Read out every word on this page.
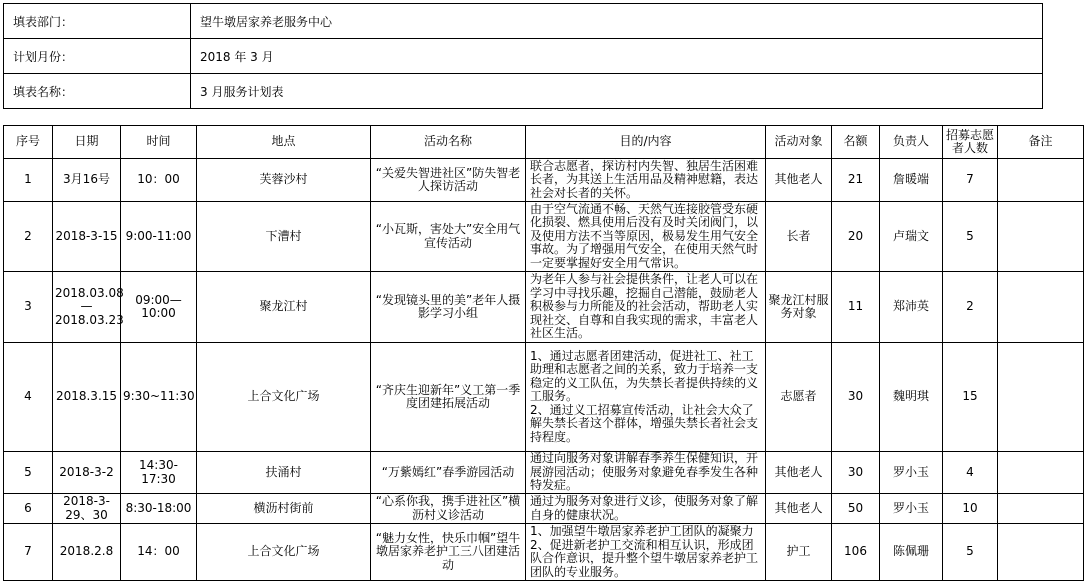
填表部门：	望牛墩居家养老服务中心
计划月份：	2018 年 3 月
填表名称：	3 月服务计划表
序号	日期	时间	地点	活动名称	目的/内容	活动对象	名额	负责人	招募志愿者人数	备注
1	3月16号	10：00	芙蓉沙村	“关爱失智进社区”防失智老人探访活动	联合志愿者，探访村内失智、独居生活困难长者，为其送上生活用品及精神慰籍，表达社会对长者的关怀。	其他老人	21	詹暖端	7	
2	2018-3-15	9:00-11:00	下漕村	“小瓦斯，害处大”安全用气宣传活动	由于空气流通不畅、天然气连接胶管受东硬化损裂、燃具使用后没有及时关闭阀门，以及使用方法不当等原因，极易发生用气安全事故。为了增强用气安全，在使用天然气时一定要掌握好安全用气常识。	长者	20	卢瑞文	5	
3	2018.03.08—2018.03.23	09:00—10:00	聚龙江村	“发现镜头里的美”老年人摄影学习小组	为老年人参与社会提供条件，让老人可以在学习中寻找乐趣，挖掘自己潜能，鼓励老人积极参与力所能及的社会活动，帮助老人实现社交、自尊和自我实现的需求，丰富老人社区生活。	聚龙江村服务对象	11	郑沛英	2	
4	2018.3.15	9:30~11:30	上合文化广场	“齐庆生迎新年”义工第一季度团建拓展活动	1、通过志愿者团建活动，促进社工、社工助理和志愿者之间的关系，致力于培养一支稳定的义工队伍，为失禁长者提供持续的义工服务。
2、通过义工招募宣传活动，让社会大众了解失禁长者这个群体，增强失禁长者社会支持程度。	志愿者	30	魏明琪	15	
5	2018-3-2	14:30-17:30	扶涌村	“万紫嫣红”春季游园活动	通过向服务对象讲解春季养生保健知识，开展游园活动；使服务对象避免春季发生各种特发症。	其他老人	30	罗小玉	4	
6	2018-3-29、30	8:30-18:00	横沥村街前	“心系你我，携手进社区”横沥村义诊活动	通过为服务对象进行义诊，使服务对象了解自身的健康状况。	其他老人	50	罗小玉	10	
7	2018.2.8	14：00	上合文化广场	“魅力女性，快乐巾帼”望牛墩居家养老护工三八团建活动	1、加强望牛墩居家养老护工团队的凝聚力
2、促进新老护工交流和相互认识，形成团队合作意识，提升整个望牛墩居家养老护工团队的专业服务。	护工	106	陈佩珊	5	
